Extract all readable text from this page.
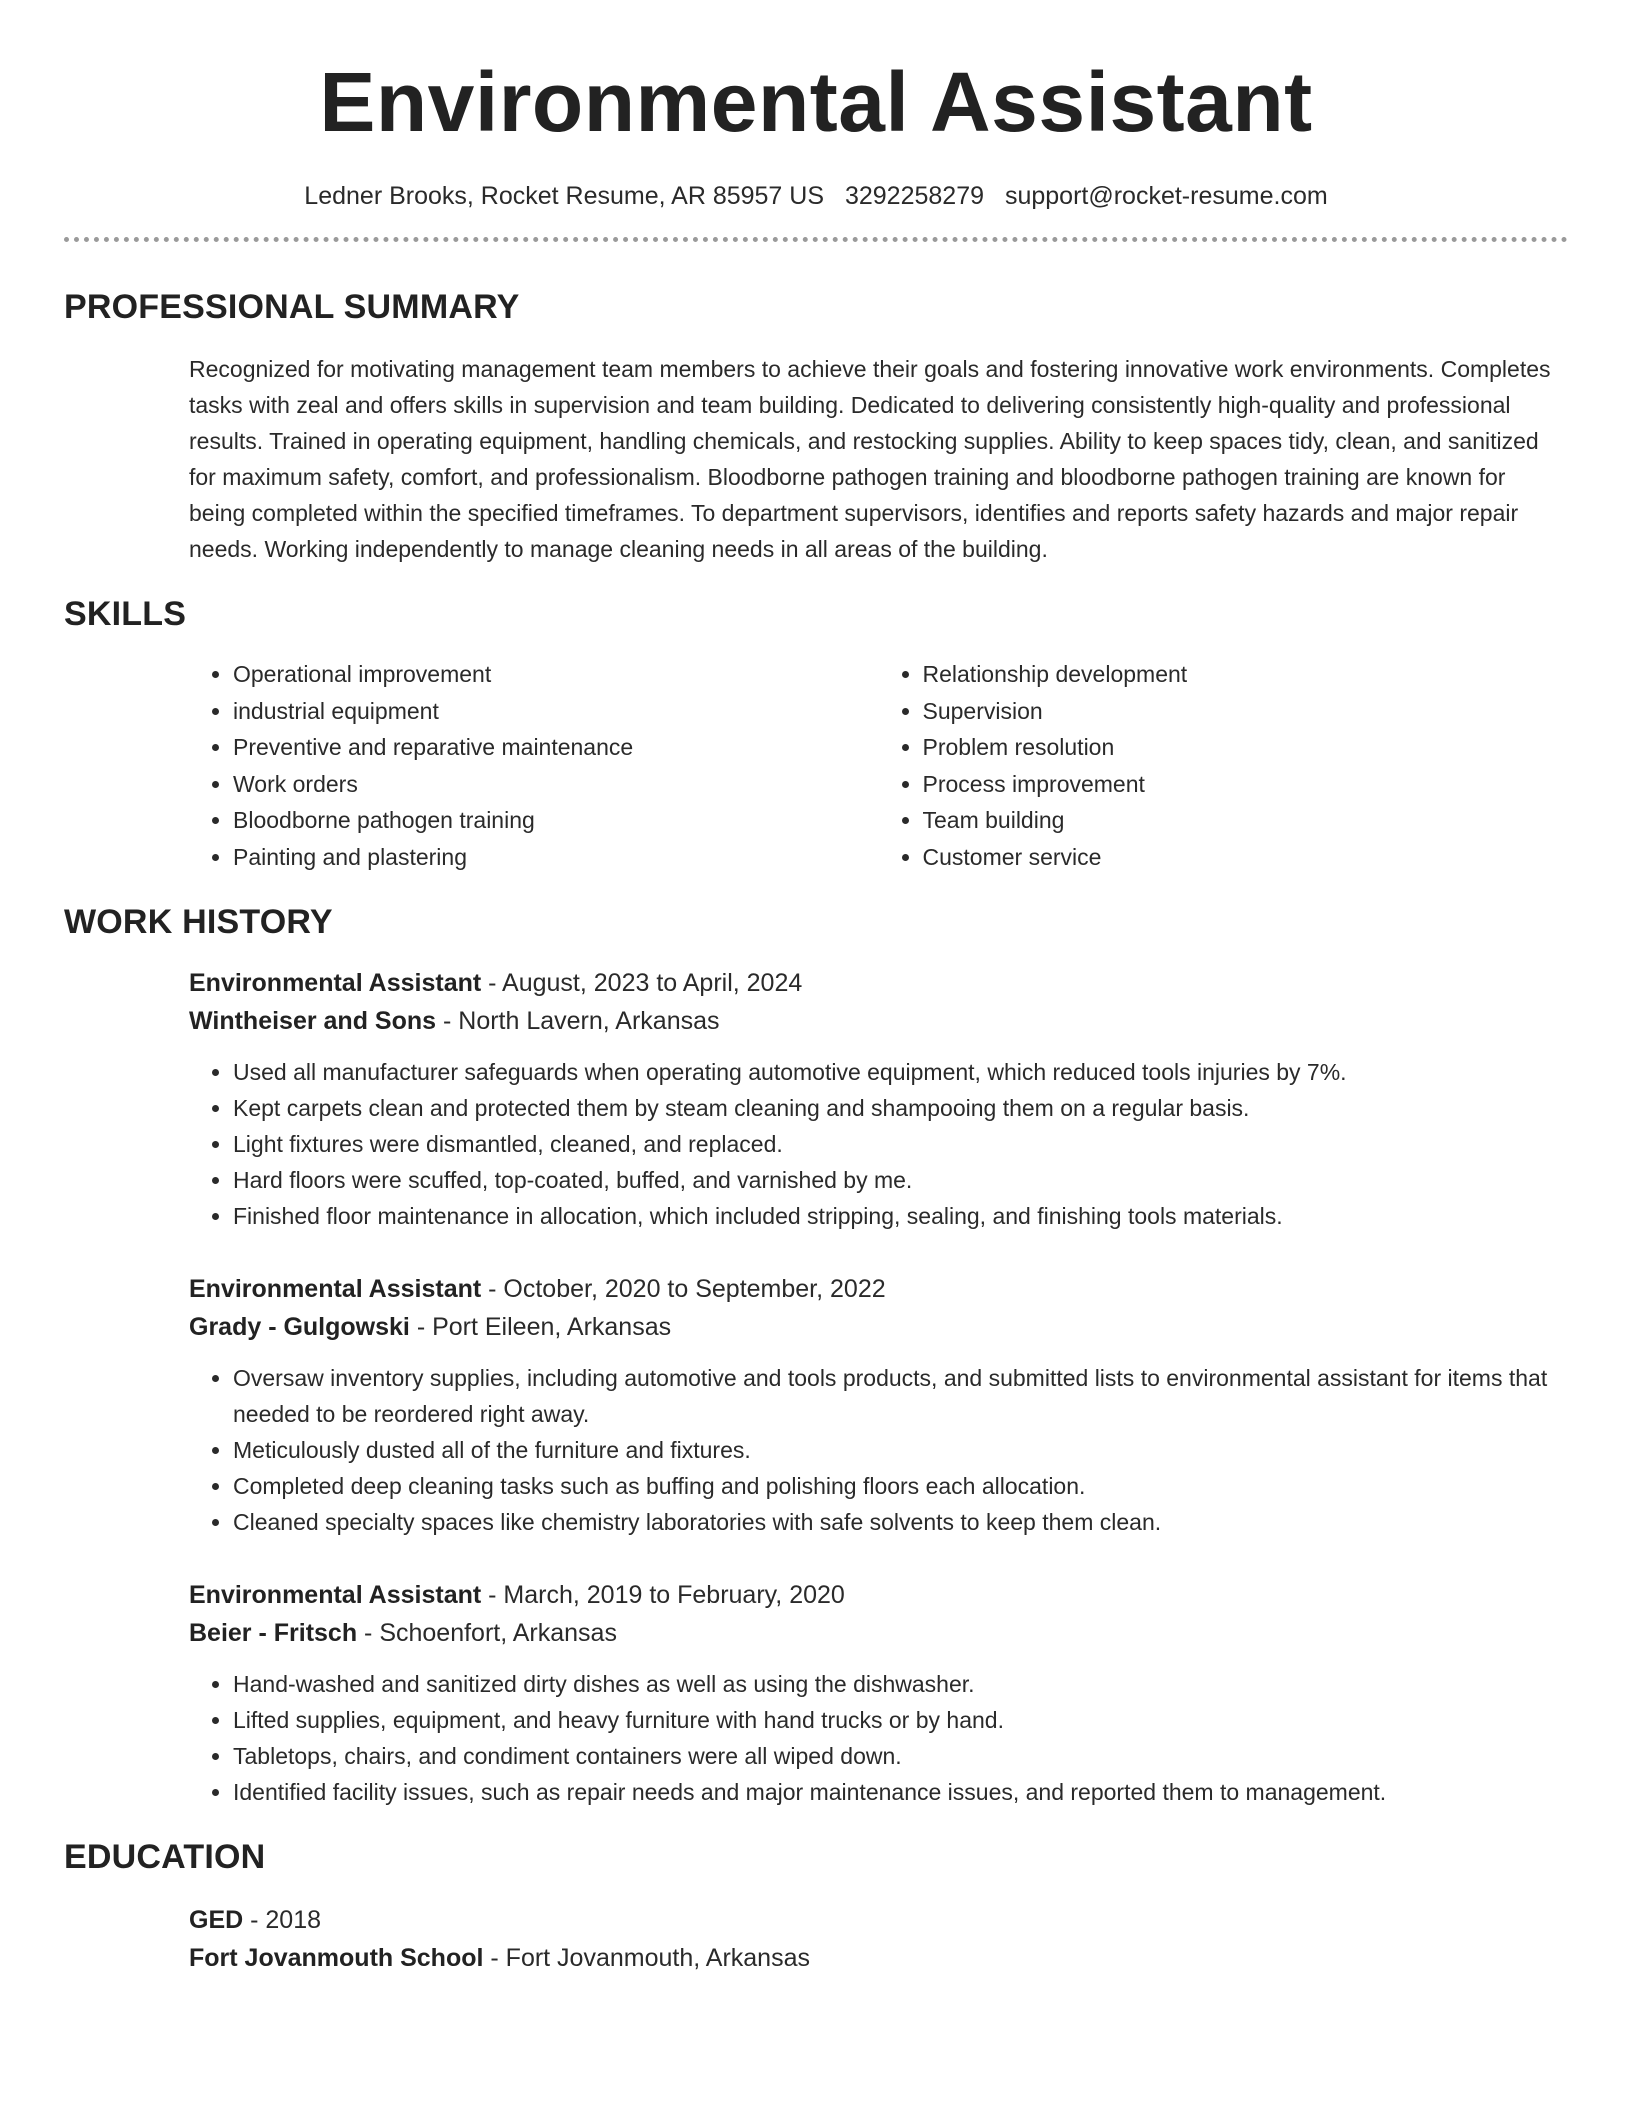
Environmental Assistant
Ledner Brooks, Rocket Resume, AR 85957 US 3292258279 support@rocket-resume.com
PROFESSIONAL SUMMARY
Recognized for motivating management team members to achieve their goals and fostering innovative work environments. Completes tasks with zeal and offers skills in supervision and team building. Dedicated to delivering consistently high-quality and professional results. Trained in operating equipment, handling chemicals, and restocking supplies. Ability to keep spaces tidy, clean, and sanitized for maximum safety, comfort, and professionalism. Bloodborne pathogen training and bloodborne pathogen training are known for being completed within the specified timeframes. To department supervisors, identifies and reports safety hazards and major repair needs. Working independently to manage cleaning needs in all areas of the building.
SKILLS
• Operational improvement
• industrial equipment
• Preventive and reparative maintenance
• Work orders
• Bloodborne pathogen training
• Painting and plastering
• Relationship development
• Supervision
• Problem resolution
• Process improvement
• Team building
• Customer service
WORK HISTORY
Environmental Assistant - August, 2023 to April, 2024
Wintheiser and Sons - North Lavern, Arkansas
• Used all manufacturer safeguards when operating automotive equipment, which reduced tools injuries by 7%.
• Kept carpets clean and protected them by steam cleaning and shampooing them on a regular basis.
• Light fixtures were dismantled, cleaned, and replaced.
• Hard floors were scuffed, top-coated, buffed, and varnished by me.
• Finished floor maintenance in allocation, which included stripping, sealing, and finishing tools materials.
Environmental Assistant - October, 2020 to September, 2022
Grady - Gulgowski - Port Eileen, Arkansas
• Oversaw inventory supplies, including automotive and tools products, and submitted lists to environmental assistant for items that needed to be reordered right away.
• Meticulously dusted all of the furniture and fixtures.
• Completed deep cleaning tasks such as buffing and polishing floors each allocation.
• Cleaned specialty spaces like chemistry laboratories with safe solvents to keep them clean.
Environmental Assistant - March, 2019 to February, 2020
Beier - Fritsch - Schoenfort, Arkansas
• Hand-washed and sanitized dirty dishes as well as using the dishwasher.
• Lifted supplies, equipment, and heavy furniture with hand trucks or by hand.
• Tabletops, chairs, and condiment containers were all wiped down.
• Identified facility issues, such as repair needs and major maintenance issues, and reported them to management.
EDUCATION
GED - 2018
Fort Jovanmouth School - Fort Jovanmouth, Arkansas
